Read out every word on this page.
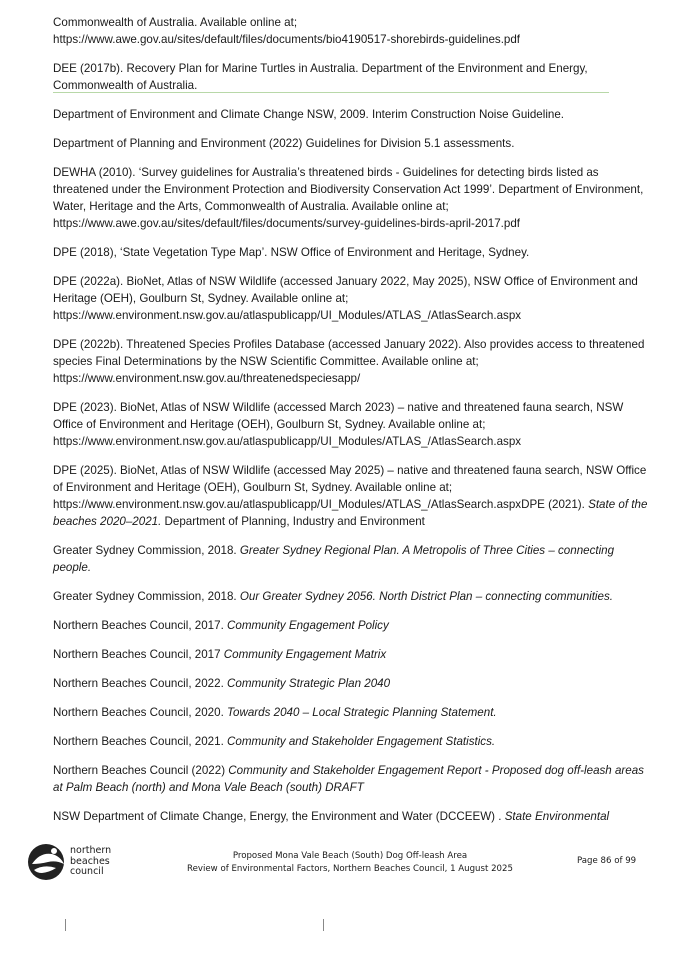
Commonwealth of Australia. Available online at;
https://www.awe.gov.au/sites/default/files/documents/bio4190517-shorebirds-guidelines.pdf

DEE (2017b). Recovery Plan for Marine Turtles in Australia. Department of the Environment and Energy, Commonwealth of Australia.

Department of Environment and Climate Change NSW, 2009. Interim Construction Noise Guideline.

Department of Planning and Environment (2022) Guidelines for Division 5.1 assessments.

DEWHA (2010). ‘Survey guidelines for Australia’s threatened birds - Guidelines for detecting birds listed as threatened under the Environment Protection and Biodiversity Conservation Act 1999’. Department of Environment, Water, Heritage and the Arts, Commonwealth of Australia. Available online at;
https://www.awe.gov.au/sites/default/files/documents/survey-guidelines-birds-april-2017.pdf

DPE (2018), ‘State Vegetation Type Map’. NSW Office of Environment and Heritage, Sydney.

DPE (2022a). BioNet, Atlas of NSW Wildlife (accessed January 2022, May 2025), NSW Office of Environment and Heritage (OEH), Goulburn St, Sydney. Available online at;
https://www.environment.nsw.gov.au/atlaspublicapp/UI_Modules/ATLAS_/AtlasSearch.aspx

DPE (2022b). Threatened Species Profiles Database (accessed January 2022). Also provides access to threatened species Final Determinations by the NSW Scientific Committee. Available online at;
https://www.environment.nsw.gov.au/threatenedspeciesapp/

DPE (2023). BioNet, Atlas of NSW Wildlife (accessed March 2023) – native and threatened fauna search, NSW Office of Environment and Heritage (OEH), Goulburn St, Sydney. Available online at;
https://www.environment.nsw.gov.au/atlaspublicapp/UI_Modules/ATLAS_/AtlasSearch.aspx

DPE (2025). BioNet, Atlas of NSW Wildlife (accessed May 2025) – native and threatened fauna search, NSW Office of Environment and Heritage (OEH), Goulburn St, Sydney. Available online at; https://www.environment.nsw.gov.au/atlaspublicapp/UI_Modules/ATLAS_/AtlasSearch.aspxDPE (2021). State of the beaches 2020–2021. Department of Planning, Industry and Environment

Greater Sydney Commission, 2018. Greater Sydney Regional Plan. A Metropolis of Three Cities – connecting people.

Greater Sydney Commission, 2018. Our Greater Sydney 2056. North District Plan – connecting communities.

Northern Beaches Council, 2017. Community Engagement Policy

Northern Beaches Council, 2017 Community Engagement Matrix

Northern Beaches Council, 2022. Community Strategic Plan 2040

Northern Beaches Council, 2020. Towards 2040 – Local Strategic Planning Statement.

Northern Beaches Council, 2021. Community and Stakeholder Engagement Statistics.

Northern Beaches Council (2022) Community and Stakeholder Engagement Report - Proposed dog off-leash areas at Palm Beach (north) and Mona Vale Beach (south) DRAFT

NSW Department of Climate Change, Energy, the Environment and Water (DCCEEW) . State Environmental

northern
beaches
council
Proposed Mona Vale Beach (South) Dog Off-leash Area
Review of Environmental Factors, Northern Beaches Council, 1 August 2025
Page 86 of 99
